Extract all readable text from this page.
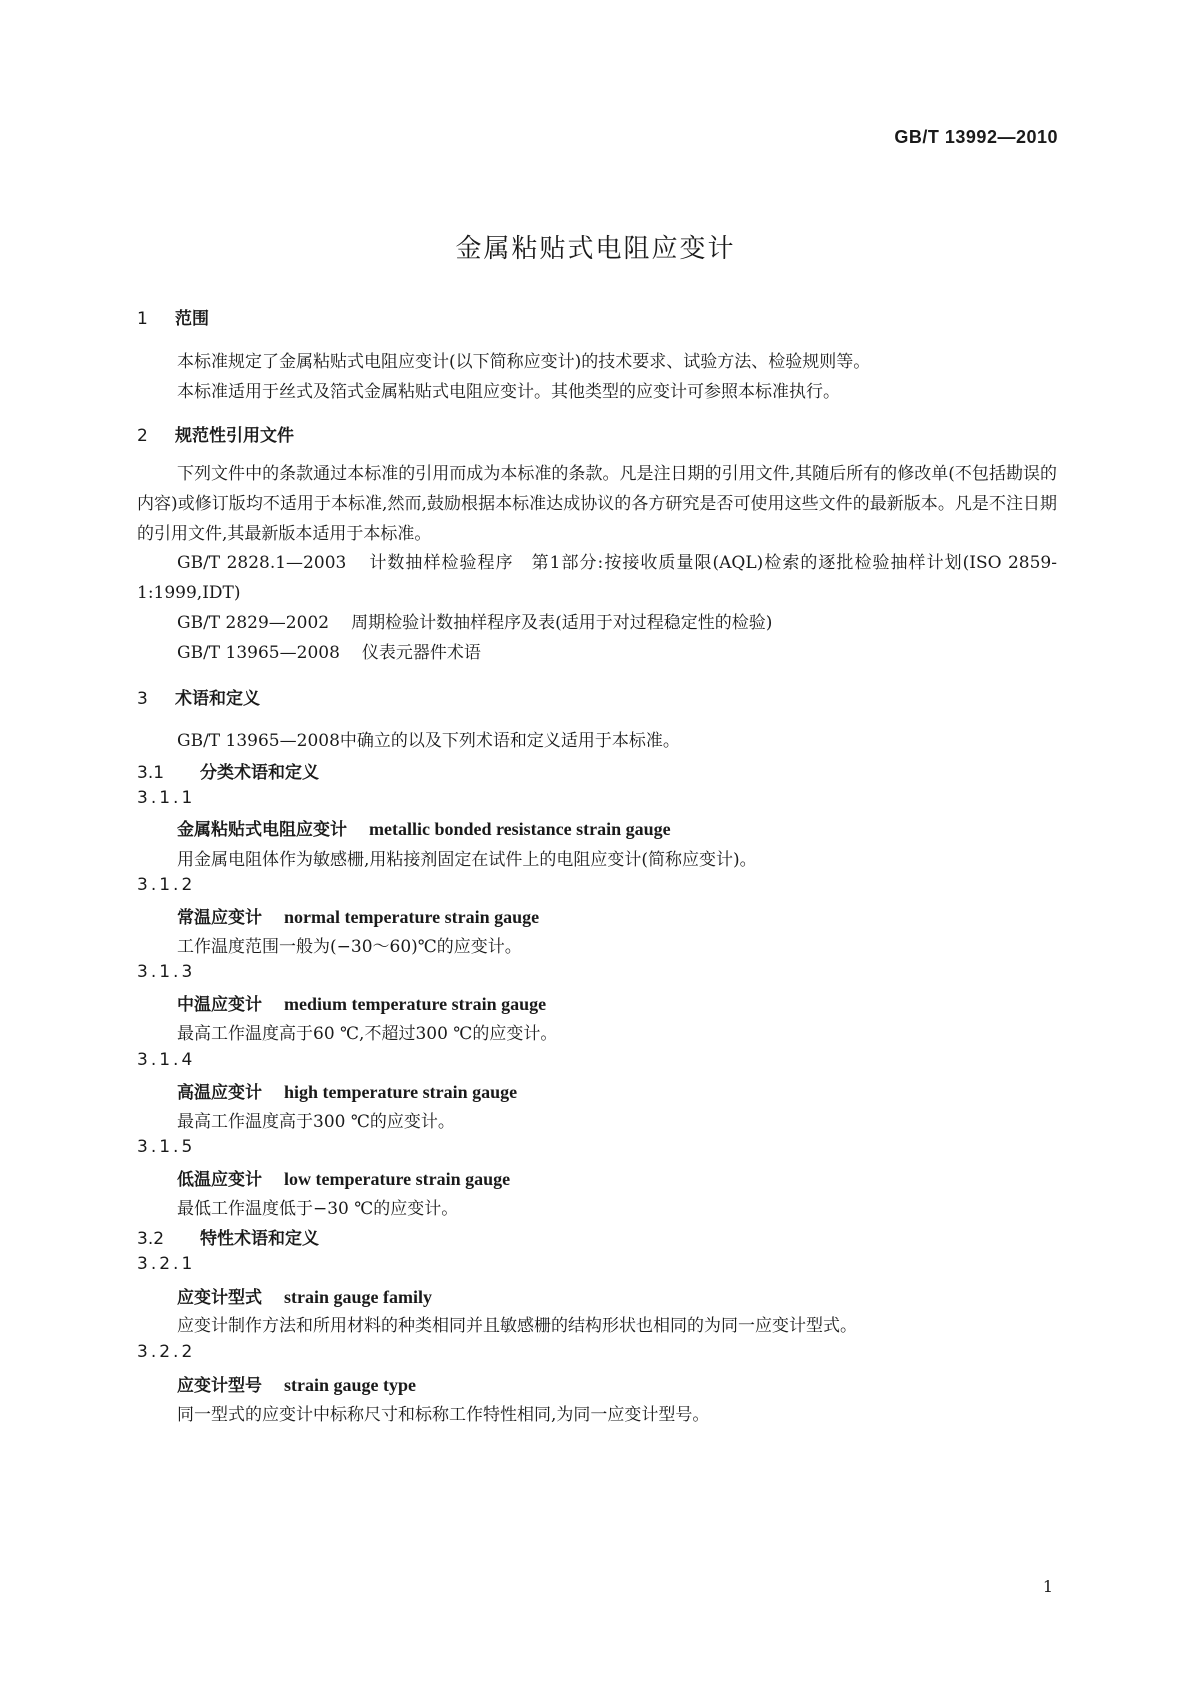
GB/T 13992—2010
金属粘贴式电阻应变计
1 范围
本标准规定了金属粘贴式电阻应变计(以下简称应变计)的技术要求、试验方法、检验规则等。
本标准适用于丝式及箔式金属粘贴式电阻应变计。其他类型的应变计可参照本标准执行。
2 规范性引用文件
下列文件中的条款通过本标准的引用而成为本标准的条款。凡是注日期的引用文件,其随后所有的修改单(不包括勘误的内容)或修订版均不适用于本标准,然而,鼓励根据本标准达成协议的各方研究是否可使用这些文件的最新版本。凡是不注日期的引用文件,其最新版本适用于本标准。
GB/T 2828.1—2003 计数抽样检验程序　第1部分:按接收质量限(AQL)检索的逐批检验抽样计划(ISO 2859-1:1999,IDT)
GB/T 2829—2002 周期检验计数抽样程序及表(适用于对过程稳定性的检验)
GB/T 13965—2008 仪表元器件术语
3 术语和定义
GB/T 13965—2008中确立的以及下列术语和定义适用于本标准。
3.1 分类术语和定义
3.1.1
金属粘贴式电阻应变计 metallic bonded resistance strain gauge
用金属电阻体作为敏感栅,用粘接剂固定在试件上的电阻应变计(简称应变计)。
3.1.2
常温应变计 normal temperature strain gauge
工作温度范围一般为(−30～60)℃的应变计。
3.1.3
中温应变计 medium temperature strain gauge
最高工作温度高于60 ℃,不超过300 ℃的应变计。
3.1.4
高温应变计 high temperature strain gauge
最高工作温度高于300 ℃的应变计。
3.1.5
低温应变计 low temperature strain gauge
最低工作温度低于−30 ℃的应变计。
3.2 特性术语和定义
3.2.1
应变计型式 strain gauge family
应变计制作方法和所用材料的种类相同并且敏感栅的结构形状也相同的为同一应变计型式。
3.2.2
应变计型号 strain gauge type
同一型式的应变计中标称尺寸和标称工作特性相同,为同一应变计型号。
1
